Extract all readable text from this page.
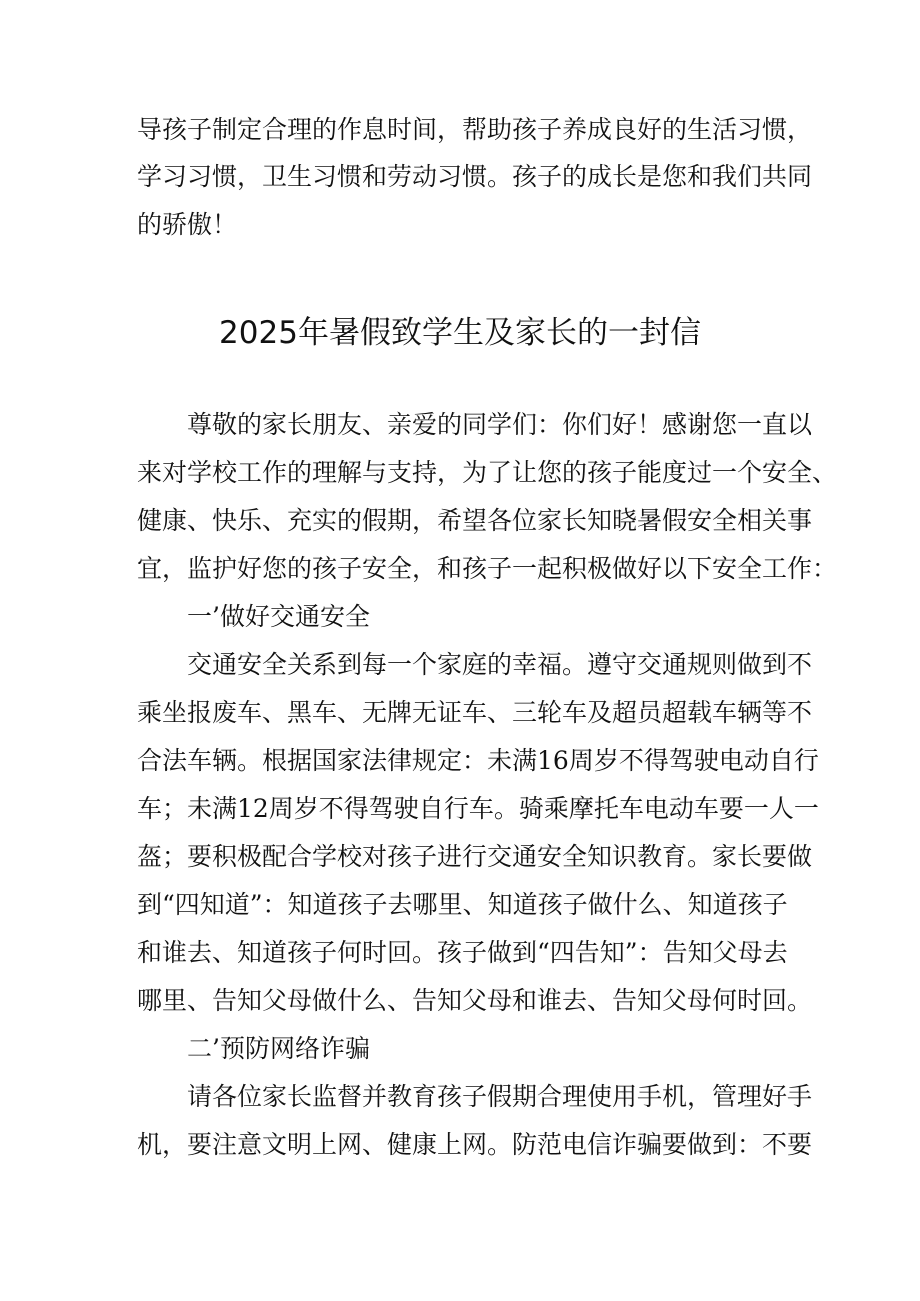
导孩子制定合理的作息时间，帮助孩子养成良好的生活习惯，
学习习惯，卫生习惯和劳动习惯。孩子的成长是您和我们共同
的骄傲！
2025年暑假致学生及家长的一封信
尊敬的家长朋友、亲爱的同学们：你们好！感谢您一直以
来对学校工作的理解与支持，为了让您的孩子能度过一个安全、
健康、快乐、充实的假期，希望各位家长知晓暑假安全相关事
宜，监护好您的孩子安全，和孩子一起积极做好以下安全工作：
一’做好交通安全
交通安全关系到每一个家庭的幸福。遵守交通规则做到不
乘坐报废车、黑车、无牌无证车、三轮车及超员超载车辆等不
合法车辆。根据国家法律规定：未满16周岁不得驾驶电动自行
车；未满12周岁不得驾驶自行车。骑乘摩托车电动车要一人一
盔；要积极配合学校对孩子进行交通安全知识教育。家长要做
到“四知道”：知道孩子去哪里、知道孩子做什么、知道孩子
和谁去、知道孩子何时回。孩子做到“四告知”：告知父母去
哪里、告知父母做什么、告知父母和谁去、告知父母何时回。
二’预防网络诈骗
请各位家长监督并教育孩子假期合理使用手机，管理好手
机，要注意文明上网、健康上网。防范电信诈骗要做到：不要
